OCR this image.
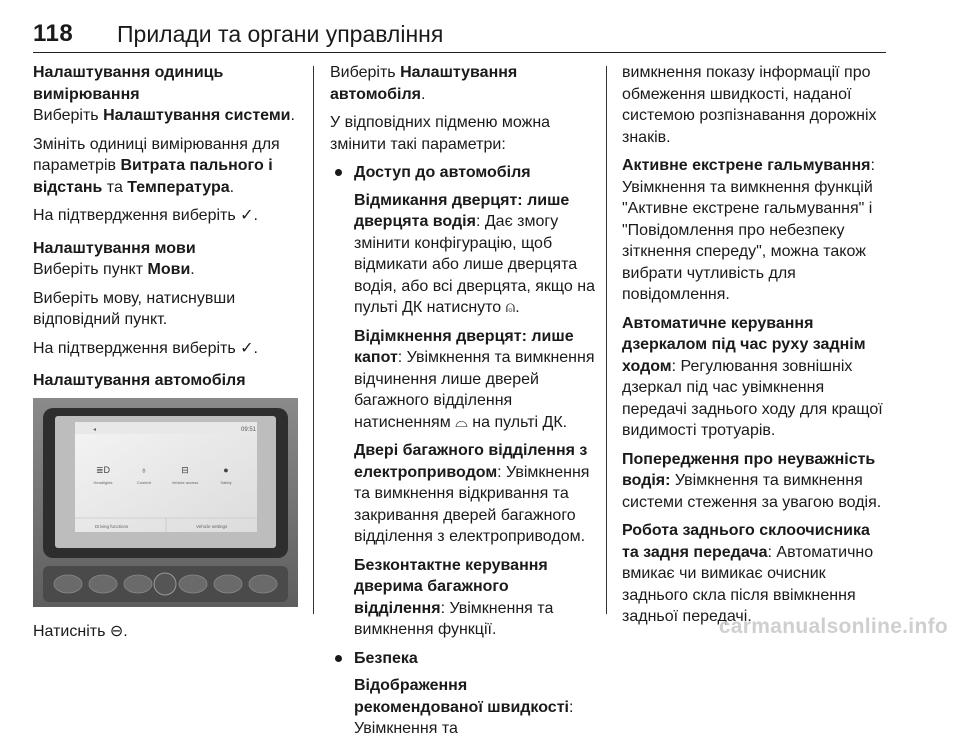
118 Прилади та органи управління
Налаштування одиниць вимірювання

Виберіть Налаштування системи.

Змініть одиниці вимірювання для параметрів Витрата пального і відстань та Температура.

На підтвердження виберіть ✓.

Налаштування мови

Виберіть пункт Мови.

Виберіть мову, натиснувши відповідний пункт.

На підтвердження виберіть ✓.

Налаштування автомобіля
09:51
◂
≣D	♁	⊟	●
Headlights	Comfort	Vehicle access	Safety
Driving functions	Vehicle settings

Натисніть ⊖.

Виберіть Налаштування автомобіля.

У відповідних підменю можна змінити такі параметри:

Доступ до автомобіля

Відмикання дверцят: лише дверцята водія: Дає змогу змінити конфігурацію, щоб відмикати або лише дверцята водія, або всі дверцята, якщо на пульті ДК натиснуто ⍝.

Відімкнення дверцят: лише капот: Увімкнення та вимкнення відчинення лише дверей багажного відділення натисненням ⌓ на пульті ДК.

Двері багажного відділення з електроприводом: Увімкнення та вимкнення відкривання та закривання дверей багажного відділення з електроприводом.

Безконтактне керування дверима багажного відділення: Увімкнення та вимкнення функції.

Безпека

Відображення рекомендованої швидкості: Увімкнення та

вимкнення показу інформації про обмеження швидкості, наданої системою розпізнавання дорожніх знаків.

Активне екстрене гальмування: Увімкнення та вимкнення функцій "Активне екстрене гальмування" і "Повідомлення про небезпеку зіткнення спереду", можна також вибрати чутливість для повідомлення.

Автоматичне керування дзеркалом під час руху заднім ходом: Регулювання зовнішніх дзеркал під час увімкнення передачі заднього ходу для кращої видимості тротуарів.

Попередження про неуважність водія: Увімкнення та вимкнення системи стеження за увагою водія.

Робота заднього склоочисника та задня передача: Автоматично вмикає чи вимикає очисник заднього скла після ввімкнення задньої передачі.

carmanualsonline.info
